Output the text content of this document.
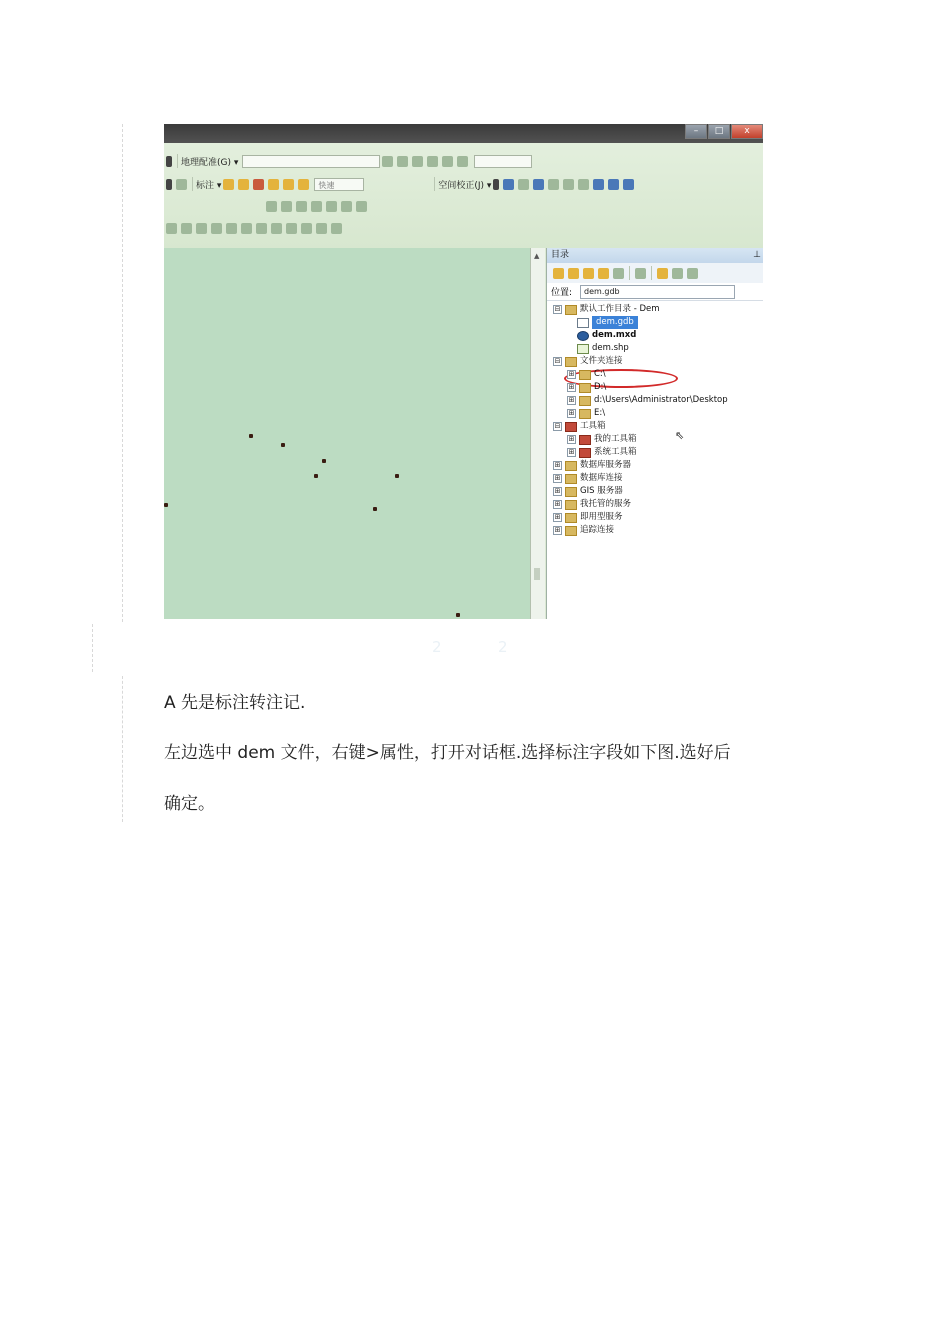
–	□	x
地理配准(G) ▾
标注 ▾	快速	空间校正(J) ▾
▲	目录	⊥
位置:	dem.gdb
⇖
⊟ 默认工作目录 - Dem
dem.gdb
dem.mxd
dem.shp
⊟ 文件夹连接
⊞ C:\
⊞ D:\
⊞ d:\Users\Administrator\Desktop
⊞ E:\
⊟ 工具箱
⊞ 我的工具箱
⊞ 系统工具箱
⊞ 数据库服务器
⊞ 数据库连接
⊞ GIS 服务器
⊞ 我托管的服务
⊞ 即用型服务
⊞ 追踪连接
Bai du 经验
jingyan.baidu.com
2	2
A 先是标注转注记.
左边选中 dem 文件，右键>属性，打开对话框.选择标注字段如下图.选好后
确定。
